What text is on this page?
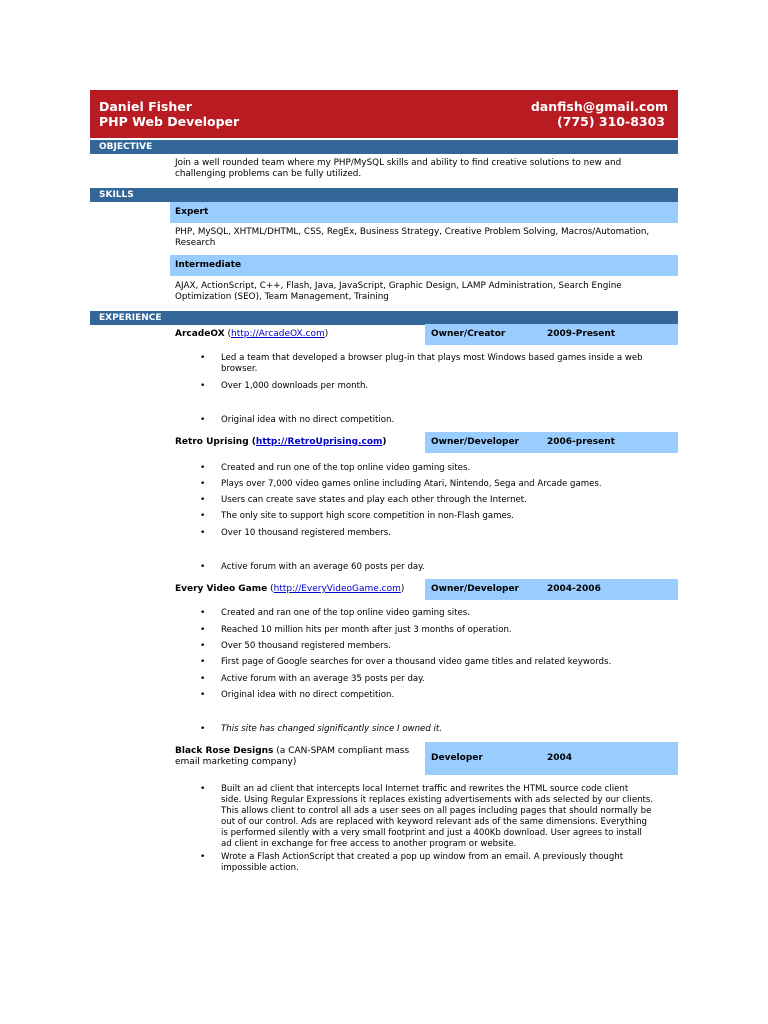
Daniel Fisher
PHP Web Developer
danfish@gmail.com
(775) 310-8303
OBJECTIVE
Join a well rounded team where my PHP/MySQL skills and ability to find creative solutions to new and
challenging problems can be fully utilized.
SKILLS
Expert
PHP, MySQL, XHTML/DHTML, CSS, RegEx, Business Strategy, Creative Problem Solving, Macros/Automation,
Research
Intermediate
AJAX, ActionScript, C++, Flash, Java, JavaScript, Graphic Design, LAMP Administration, Search Engine
Optimization (SEO), Team Management, Training
EXPERIENCE
ArcadeOX (http://ArcadeOX.com)	Owner/Creator	2009-Present
• Led a team that developed a browser plug-in that plays most Windows based games inside a web
browser.
• Over 1,000 downloads per month.
• Original idea with no direct competition.
Retro Uprising (http://RetroUprising.com)	Owner/Developer	2006-present
• Created and run one of the top online video gaming sites.
• Plays over 7,000 video games online including Atari, Nintendo, Sega and Arcade games.
• Users can create save states and play each other through the Internet.
• The only site to support high score competition in non-Flash games.
• Over 10 thousand registered members.
• Active forum with an average 60 posts per day.
Every Video Game (http://EveryVideoGame.com)	Owner/Developer	2004-2006
• Created and ran one of the top online video gaming sites.
• Reached 10 million hits per month after just 3 months of operation.
• Over 50 thousand registered members.
• First page of Google searches for over a thousand video game titles and related keywords.
• Active forum with an average 35 posts per day.
• Original idea with no direct competition.
• This site has changed significantly since I owned it.
Black Rose Designs (a CAN-SPAM compliant mass
email marketing company)	Developer	2004
• Built an ad client that intercepts local Internet traffic and rewrites the HTML source code client
side. Using Regular Expressions it replaces existing advertisements with ads selected by our clients.
This allows client to control all ads a user sees on all pages including pages that should normally be
out of our control. Ads are replaced with keyword relevant ads of the same dimensions. Everything
is performed silently with a very small footprint and just a 400Kb download. User agrees to install
ad client in exchange for free access to another program or website.
• Wrote a Flash ActionScript that created a pop up window from an email. A previously thought
impossible action.
